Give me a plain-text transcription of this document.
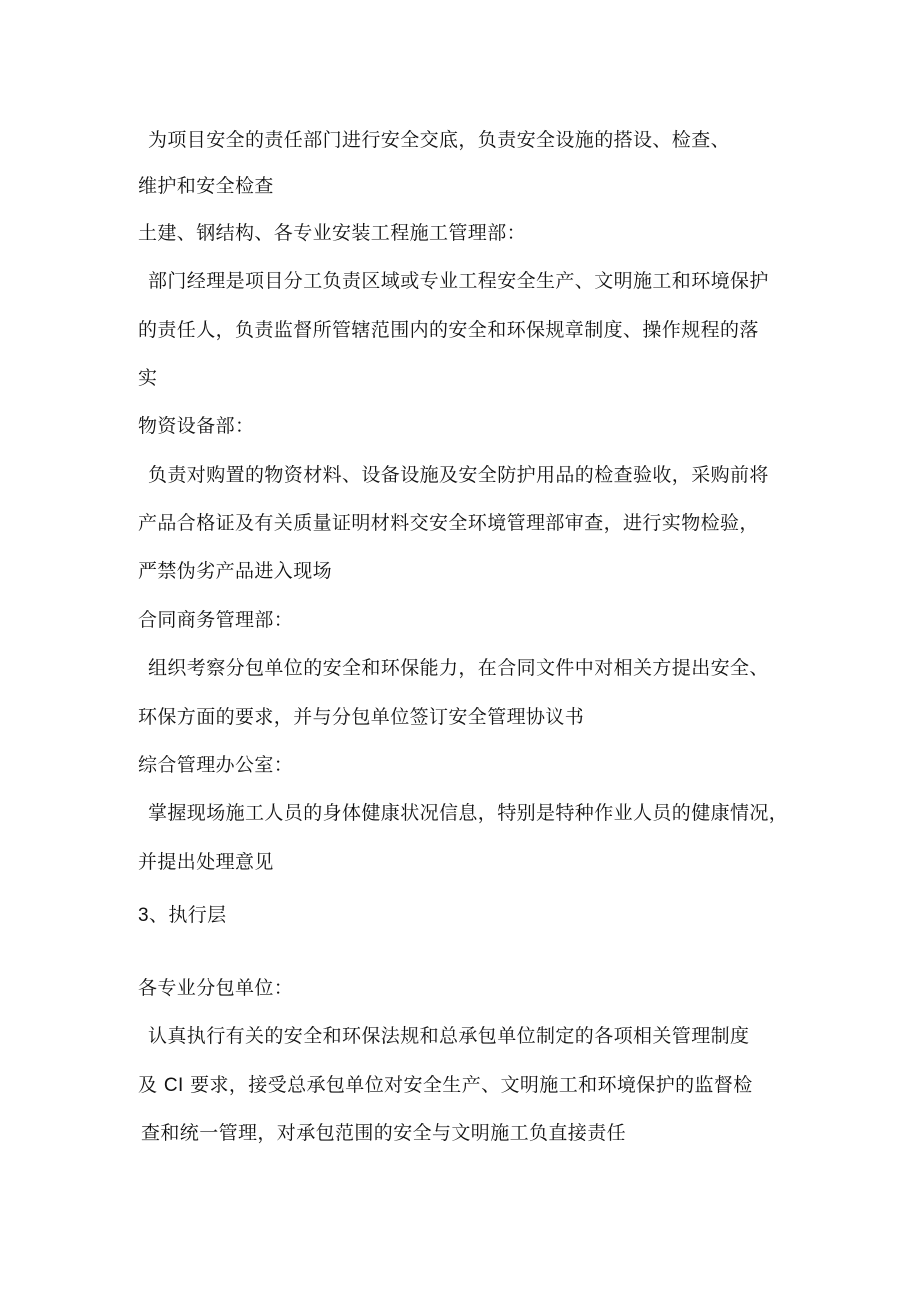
为项目安全的责任部门进行安全交底，负责安全设施的搭设、检查、
维护和安全检查
土建、钢结构、各专业安装工程施工管理部：
部门经理是项目分工负责区域或专业工程安全生产、文明施工和环境保护
的责任人，负责监督所管辖范围内的安全和环保规章制度、操作规程的落
实
物资设备部：
负责对购置的物资材料、设备设施及安全防护用品的检查验收，采购前将
产品合格证及有关质量证明材料交安全环境管理部审查，进行实物检验，
严禁伪劣产品进入现场
合同商务管理部：
组织考察分包单位的安全和环保能力，在合同文件中对相关方提出安全、
环保方面的要求，并与分包单位签订安全管理协议书
综合管理办公室：
掌握现场施工人员的身体健康状况信息，特别是特种作业人员的健康情况，
并提出处理意见
3、执行层
各专业分包单位：
认真执行有关的安全和环保法规和总承包单位制定的各项相关管理制度
及 CI 要求，接受总承包单位对安全生产、文明施工和环境保护的监督检
查和统一管理，对承包范围的安全与文明施工负直接责任
